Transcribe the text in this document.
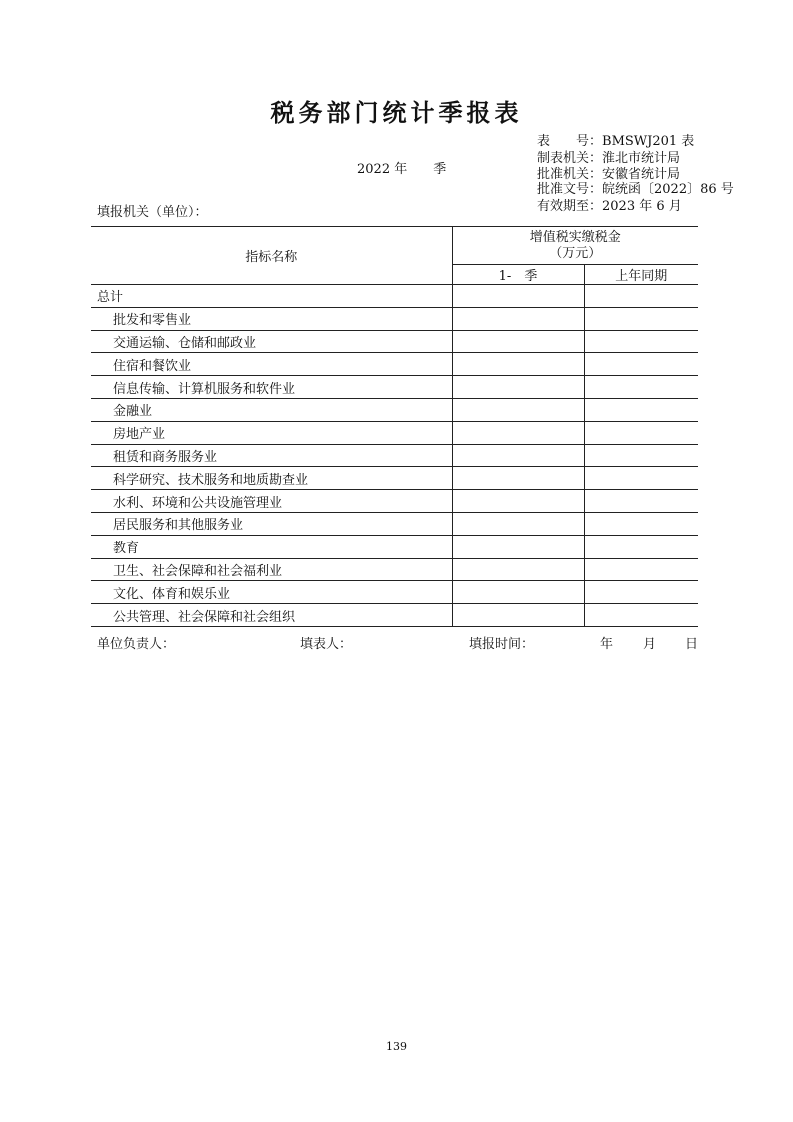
税务部门统计季报表
表　　号：BMSWJ201 表
制表机关：淮北市统计局
批准机关：安徽省统计局
批准文号：皖统函〔2022〕86 号
有效期至：2023 年 6 月
2022 年　　季
填报机关（单位）：
指标名称	增值税实缴税金
（万元）	

	1-　季	上年同期
总计		
批发和零售业		
交通运输、仓储和邮政业		
住宿和餐饮业		
信息传输、计算机服务和软件业		
金融业		
房地产业		
租赁和商务服务业		
科学研究、技术服务和地质勘查业		
水利、环境和公共设施管理业		
居民服务和其他服务业		
教育		
卫生、社会保障和社会福利业		
文化、体育和娱乐业		
公共管理、社会保障和社会组织		
单位负责人：	填表人：	填报时间：	年 月 日
139
